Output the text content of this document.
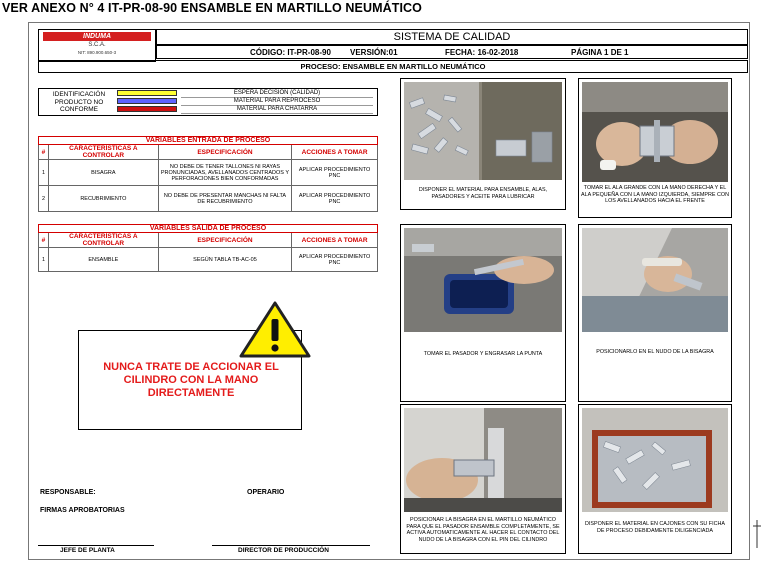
VER ANEXO N° 4 IT-PR-08-90 ENSAMBLE EN MARTILLO NEUMÁTICO
INDUMA
S.C.A.
NIT: 890.900.650-3
SISTEMA DE CALIDAD
CÓDIGO: IT-PR-08-90 VERSIÓN:01	FECHA: 16-02-2018	PÁGINA 1 DE 1
PROCESO: ENSAMBLE EN MARTILLO NEUMÁTICO
IDENTIFICACIÓN PRODUCTO NO CONFORME
ESPERA DECISIÓN (CALIDAD)
MATERIAL PARA REPROCESO
MATERIAL PARA CHATARRA
VARIABLES ENTRADA DE PROCESO			
#	CARACTERÍSTICAS A CONTROLAR	ESPECIFICACIÓN	ACCIONES A TOMAR
1	BISAGRA	NO DEBE DE TENER TALLONES NI RAYAS PRONUNCIADAS, AVELLANADOS CENTRADOS Y PERFORACIONES BIEN CONFORMADAS	APLICAR PROCEDIMIENTO PNC
2	RECUBRIMIENTO	NO DEBE DE PRESENTAR MANCHAS NI FALTA DE RECUBRIMIENTO	APLICAR PROCEDIMIENTO PNC
VARIABLES SALIDA DE PROCESO			
#	CARACTERÍSTICAS A CONTROLAR	ESPECIFICACIÓN	ACCIONES A TOMAR
1	ENSAMBLE	SEGÚN TABLA TB-AC-05	APLICAR PROCEDIMIENTO PNC
NUNCA TRATE DE ACCIONAR EL CILINDRO CON LA MANO DIRECTAMENTE
RESPONSABLE:	OPERARIO
FIRMAS APROBATORIAS
JEFE DE PLANTA	DIRECTOR DE PRODUCCIÓN
DISPONER EL MATERIAL PARA ENSAMBLE, ALAS, PASADORES Y ACEITE PARA LUBRICAR
TOMAR EL ALA GRANDE CON LA MANO DERECHA Y EL ALA PEQUEÑA CON LA MANO IZQUIERDA, SIEMPRE CON LOS AVELLANADOS HACIA EL FRENTE
TOMAR EL PASADOR Y ENGRASAR LA PUNTA	POSICIONARLO EN EL NUDO DE LA BISAGRA
POSICIONAR LA BISAGRA EN EL MARTILLO NEUMÁTICO PARA QUE EL PASADOR ENSAMBLE COMPLETAMENTE, SE ACTIVA AUTOMATICAMENTE AL HACER EL CONTACTO DEL NUDO DE LA BISAGRA CON EL PIN DEL CILINDRO
DISPONER EL MATERIAL EN CAJONES CON SU FICHA DE PROCESO DEBIDAMENTE DILIGENCIADA
